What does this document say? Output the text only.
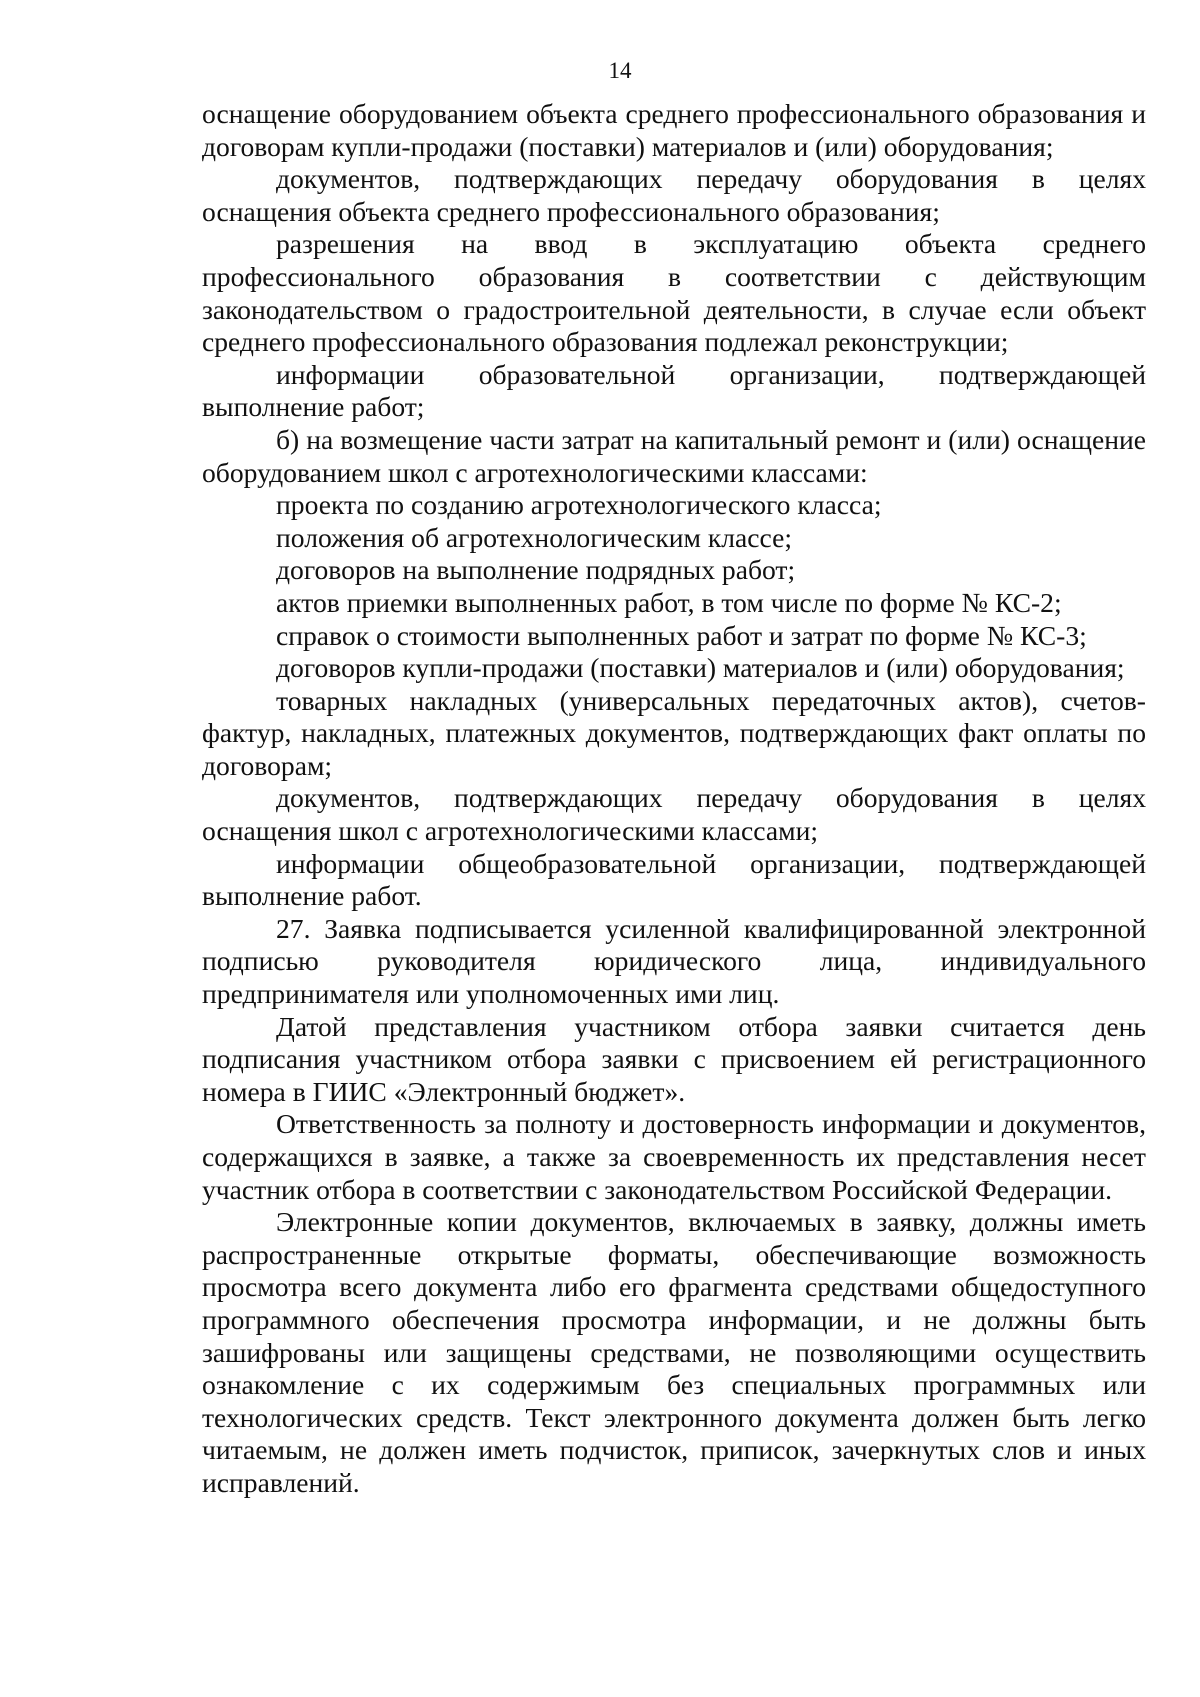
14

оснащение оборудованием объекта среднего профессионального образования и договорам купли-продажи (поставки) материалов и (или) оборудования;

документов, подтверждающих передачу оборудования в целях оснащения объекта среднего профессионального образования;

разрешения на ввод в эксплуатацию объекта среднего профессионального образования в соответствии с действующим законодательством о градостроительной деятельности, в случае если объект среднего профессионального образования подлежал реконструкции;

информации образовательной организации, подтверждающей выполнение работ;

б) на возмещение части затрат на капитальный ремонт и (или) оснащение оборудованием школ с агротехнологическими классами:

проекта по созданию агротехнологического класса;

положения об агротехнологическим классе;

договоров на выполнение подрядных работ;

актов приемки выполненных работ, в том числе по форме № КС-2;

справок о стоимости выполненных работ и затрат по форме № КС-3;

договоров купли-продажи (поставки) материалов и (или) оборудования;

товарных накладных (универсальных передаточных актов), счетов-фактур, накладных, платежных документов, подтверждающих факт оплаты по договорам;

документов, подтверждающих передачу оборудования в целях оснащения школ с агротехнологическими классами;

информации общеобразовательной организации, подтверждающей выполнение работ.

27. Заявка подписывается усиленной квалифицированной электронной подписью руководителя юридического лица, индивидуального предпринимателя или уполномоченных ими лиц.

Датой представления участником отбора заявки считается день подписания участником отбора заявки с присвоением ей регистрационного номера в ГИИС «Электронный бюджет».

Ответственность за полноту и достоверность информации и документов, содержащихся в заявке, а также за своевременность их представления несет участник отбора в соответствии с законодательством Российской Федерации.

Электронные копии документов, включаемых в заявку, должны иметь распространенные открытые форматы, обеспечивающие возможность просмотра всего документа либо его фрагмента средствами общедоступного программного обеспечения просмотра информации, и не должны быть зашифрованы или защищены средствами, не позволяющими осуществить ознакомление с их содержимым без специальных программных или технологических средств. Текст электронного документа должен быть легко читаемым, не должен иметь подчисток, приписок, зачеркнутых слов и иных исправлений.
